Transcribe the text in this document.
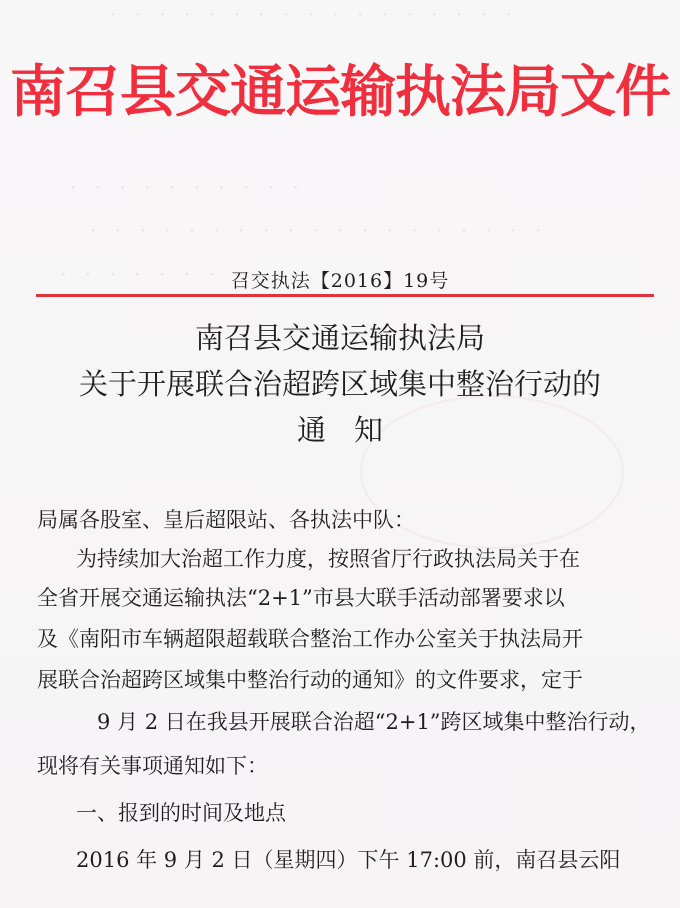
· · · · · · · · · · · · · · · · ·
· · · · · · · · · ·
· · · · · · · · · · · · · · · · · · ·
· · · · · · · · ·
南召县交通运输执法局文件
召交执法【2016】19号
南召县交通运输执法局
关于开展联合治超跨区域集中整治行动的
通知
局属各股室、皇后超限站、各执法中队：
为持续加大治超工作力度，按照省厅行政执法局关于在
全省开展交通运输执法“2+1”市县大联手活动部署要求以
及《南阳市车辆超限超载联合整治工作办公室关于执法局开
展联合治超跨区域集中整治行动的通知》的文件要求，定于
9 月 2 日在我县开展联合治超“2+1”跨区域集中整治行动，
现将有关事项通知如下：
一、报到的时间及地点
2016 年 9 月 2 日（星期四）下午 17:00 前，南召县云阳
